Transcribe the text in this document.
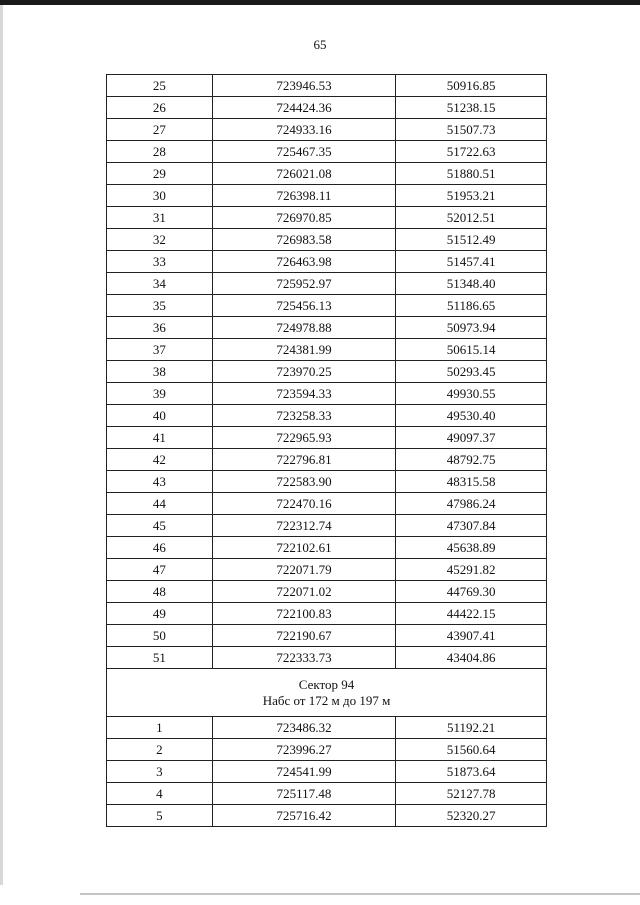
65
25	723946.53	50916.85
26	724424.36	51238.15
27	724933.16	51507.73
28	725467.35	51722.63
29	726021.08	51880.51
30	726398.11	51953.21
31	726970.85	52012.51
32	726983.58	51512.49
33	726463.98	51457.41
34	725952.97	51348.40
35	725456.13	51186.65
36	724978.88	50973.94
37	724381.99	50615.14
38	723970.25	50293.45
39	723594.33	49930.55
40	723258.33	49530.40
41	722965.93	49097.37
42	722796.81	48792.75
43	722583.90	48315.58
44	722470.16	47986.24
45	722312.74	47307.84
46	722102.61	45638.89
47	722071.79	45291.82
48	722071.02	44769.30
49	722100.83	44422.15
50	722190.67	43907.41
51	722333.73	43404.86

Сектор 94
Набс от 172 м до 197 м		

1	723486.32	51192.21
2	723996.27	51560.64
3	724541.99	51873.64
4	725117.48	52127.78
5	725716.42	52320.27
